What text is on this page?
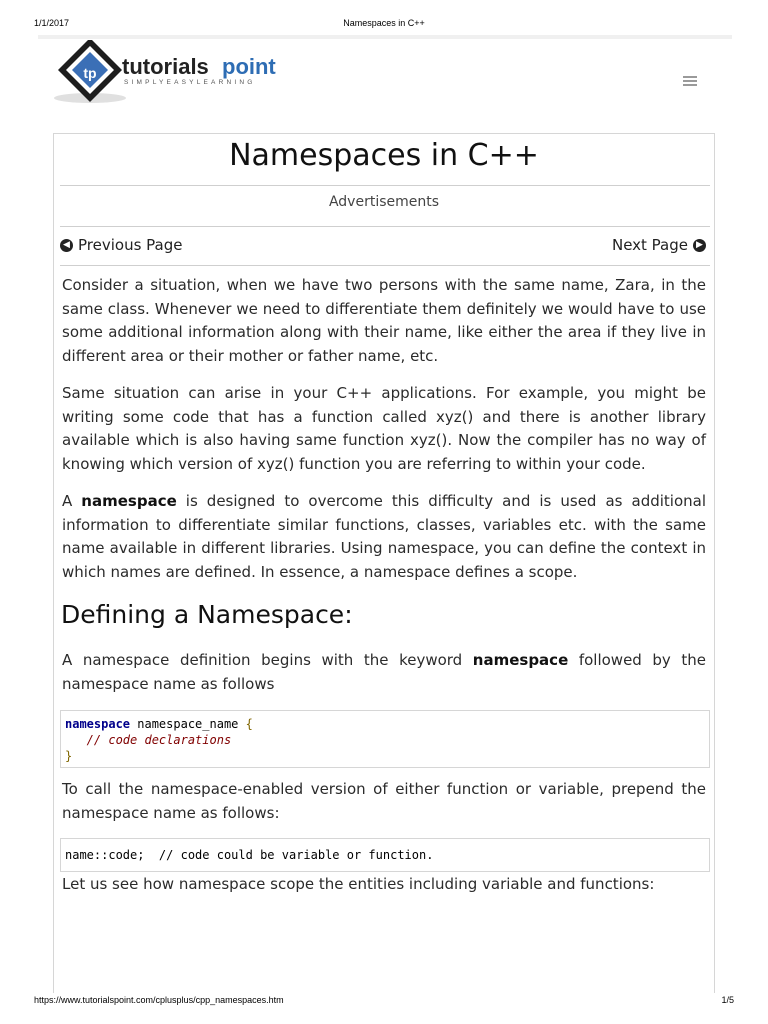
1/1/2017	Namespaces in C++
tp tutorials point
SIMPLYEASYLEARNING
Namespaces in C++
Advertisements
◀ Previous Page	Next Page ▶

Consider a situation, when we have two persons with the same name, Zara, in the same class. Whenever we need to differentiate them definitely we would have to use some additional information along with their name, like either the area if they live in different area or their mother or father name, etc.

Same situation can arise in your C++ applications. For example, you might be writing some code that has a function called xyz() and there is another library available which is also having same function xyz(). Now the compiler has no way of knowing which version of xyz() function you are referring to within your code.

A namespace is designed to overcome this difficulty and is used as additional information to differentiate similar functions, classes, variables etc. with the same name available in different libraries. Using namespace, you can define the context in which names are defined. In essence, a namespace defines a scope.

Defining a Namespace:

A namespace definition begins with the keyword namespace followed by the namespace name as follows

namespace namespace_name {
// code declarations
}

To call the namespace-enabled version of either function or variable, prepend the namespace name as follows:

name::code;  // code could be variable or function.

Let us see how namespace scope the entities including variable and functions:

https://www.tutorialspoint.com/cplusplus/cpp_namespaces.htm	1/5
